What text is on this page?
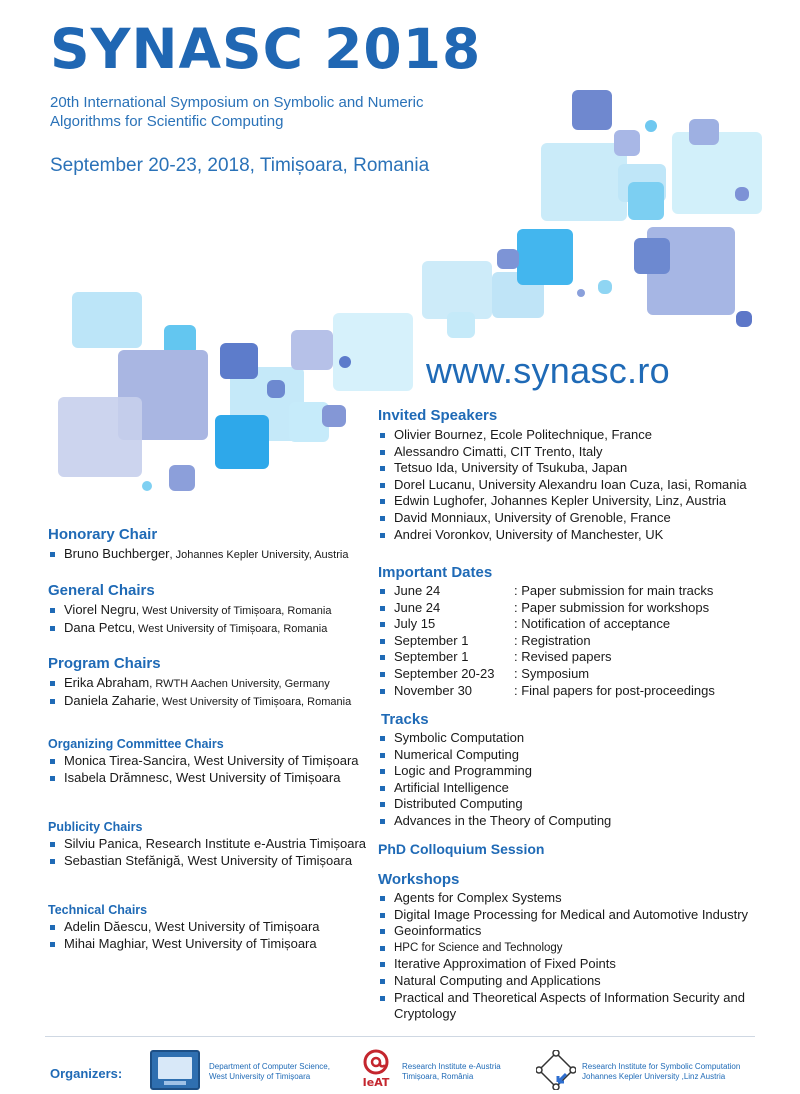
SYNASC 2018
20th International Symposium on Symbolic and Numeric
Algorithms for Scientific Computing
September 20-23, 2018, Timișoara, Romania
www.synasc.ro
Honorary Chair
Bruno Buchberger, Johannes Kepler University, Austria
General Chairs
Viorel Negru, West University of Timișoara, Romania
Dana Petcu, West University of Timișoara, Romania
Program Chairs
Erika Abraham, RWTH Aachen University, Germany
Daniela Zaharie, West University of Timișoara, Romania
Organizing Committee Chairs
Monica Tirea-Sancira, West University of Timișoara
Isabela Drămnesc, West University of Timișoara
Publicity Chairs
Silviu Panica, Research Institute e-Austria Timișoara
Sebastian Stefănigă, West University of Timișoara
Technical Chairs
Adelin Dăescu, West University of Timișoara
Mihai Maghiar, West University of Timișoara
Invited Speakers
Olivier Bournez, Ecole Politechnique, France
Alessandro Cimatti, CIT Trento, Italy
Tetsuo Ida, University of Tsukuba, Japan
Dorel Lucanu, University Alexandru Ioan Cuza, Iasi, Romania
Edwin Lughofer, Johannes Kepler University, Linz, Austria
David Monniaux, University of Grenoble, France
Andrei Voronkov, University of Manchester, UK
Important Dates
June 24	: Paper submission for main tracks
June 24	: Paper submission for workshops
July 15	: Notification of acceptance
September 1	: Registration
September 1	: Revised papers
September 20-23	: Symposium
November 30	: Final papers for post-proceedings
Tracks
Symbolic Computation
Numerical Computing
Logic and Programming
Artificial Intelligence
Distributed Computing
Advances in the Theory of Computing
PhD Colloquium Session
Workshops
Agents for Complex Systems
Digital Image Processing for Medical and Automotive Industry
Geoinformatics
HPC for Science and Technology
Iterative Approximation of Fixed Points
Natural Computing and Applications
Practical and Theoretical Aspects of Information Security and Cryptology
Organizers:	Department of Computer Science,
West University of Timișoara	IeAT
Research Institute e-Austria
Timișoara, România
Research Institute for Symbolic Computation
Johannes Kepler University ,Linz Austria
